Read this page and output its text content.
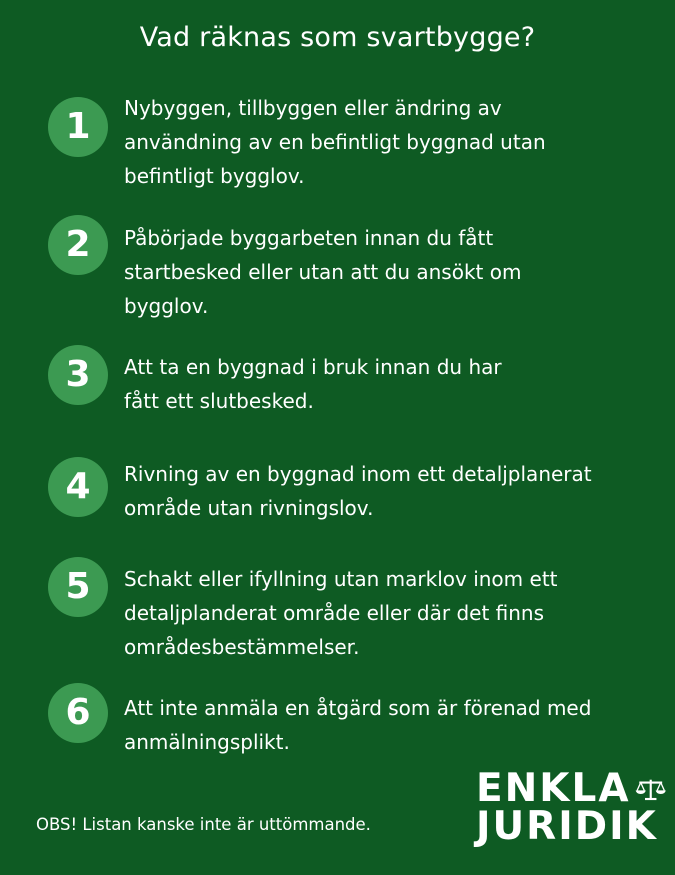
Vad räknas som svartbygge?
1	Nybyggen, tillbyggen eller ändring av användning av en befintligt byggnad utan befintligt bygglov.
2	Påbörjade byggarbeten innan du fått startbesked eller utan att du ansökt om bygglov.
3	Att ta en byggnad i bruk innan du har fått ett slutbesked.
4	Rivning av en byggnad inom ett detaljplanerat område utan rivningslov.
5	Schakt eller ifyllning utan marklov inom ett detaljplanderat område eller där det finns områdesbestämmelser.
6	Att inte anmäla en åtgärd som är förenad med anmälningsplikt.
OBS! Listan kanske inte är uttömmande.
ENKLA
JURIDIK
